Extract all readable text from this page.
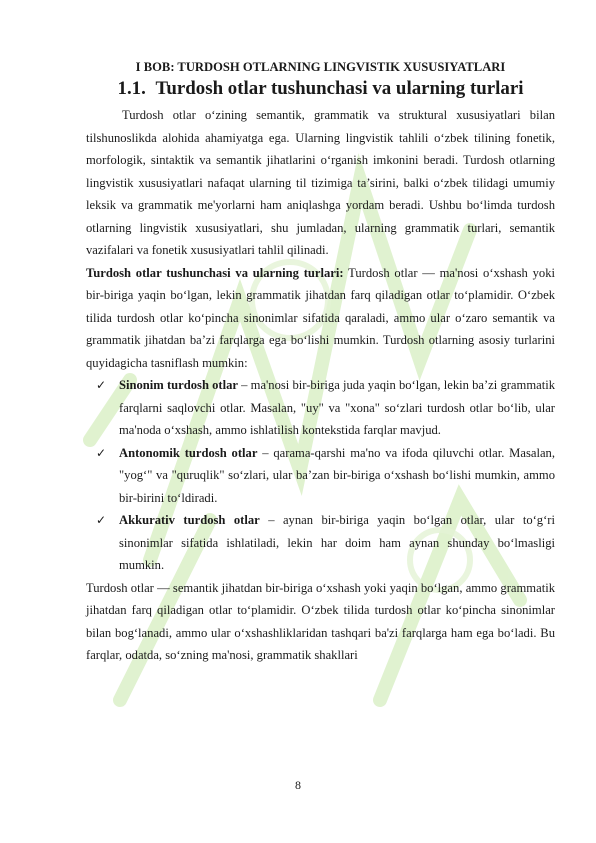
I BOB: TURDOSH OTLARNING LINGVISTIK XUSUSIYATLARI
1.1. Turdosh otlar tushunchasi va ularning turlari

Turdosh otlar o‘zining semantik, grammatik va struktural xususiyatlari bilan tilshunoslikda alohida ahamiyatga ega. Ularning lingvistik tahlili o‘zbek tilining fonetik, morfologik, sintaktik va semantik jihatlarini o‘rganish imkonini beradi. Turdosh otlarning lingvistik xususiyatlari nafaqat ularning til tizimiga ta’sirini, balki o‘zbek tilidagi umumiy leksik va grammatik me'yorlarni ham aniqlashga yordam beradi. Ushbu bo‘limda turdosh otlarning lingvistik xususiyatlari, shu jumladan, ularning grammatik turlari, semantik vazifalari va fonetik xususiyatlari tahlil qilinadi.

Turdosh otlar tushunchasi va ularning turlari: Turdosh otlar — ma'nosi o‘xshash yoki bir-biriga yaqin bo‘lgan, lekin grammatik jihatdan farq qiladigan otlar to‘plamidir. O‘zbek tilida turdosh otlar ko‘pincha sinonimlar sifatida qaraladi, ammo ular o‘zaro semantik va grammatik jihatdan ba’zi farqlarga ega bo‘lishi mumkin. Turdosh otlarning asosiy turlarini quyidagicha tasniflash mumkin:

✓ Sinonim turdosh otlar – ma'nosi bir-biriga juda yaqin bo‘lgan, lekin ba’zi grammatik farqlarni saqlovchi otlar. Masalan, "uy" va "xona" so‘zlari turdosh otlar bo‘lib, ular ma'noda o‘xshash, ammo ishlatilish kontekstida farqlar mavjud.
✓ Antonomik turdosh otlar – qarama-qarshi ma'no va ifoda qiluvchi otlar. Masalan, "yog‘" va "quruqlik" so‘zlari, ular ba’zan bir-biriga o‘xshash bo‘lishi mumkin, ammo bir-birini to‘ldiradi.
✓ Akkurativ turdosh otlar – aynan bir-biriga yaqin bo‘lgan otlar, ular to‘g‘ri sinonimlar sifatida ishlatiladi, lekin har doim ham aynan shunday bo‘lmasligi mumkin.

Turdosh otlar — semantik jihatdan bir-biriga o‘xshash yoki yaqin bo‘lgan, ammo grammatik jihatdan farq qiladigan otlar to‘plamidir. O‘zbek tilida turdosh otlar ko‘pincha sinonimlar bilan bog‘lanadi, ammo ular o‘xshashliklaridan tashqari ba'zi farqlarga ham ega bo‘ladi. Bu farqlar, odatda, so‘zning ma'nosi, grammatik shakllari

8
